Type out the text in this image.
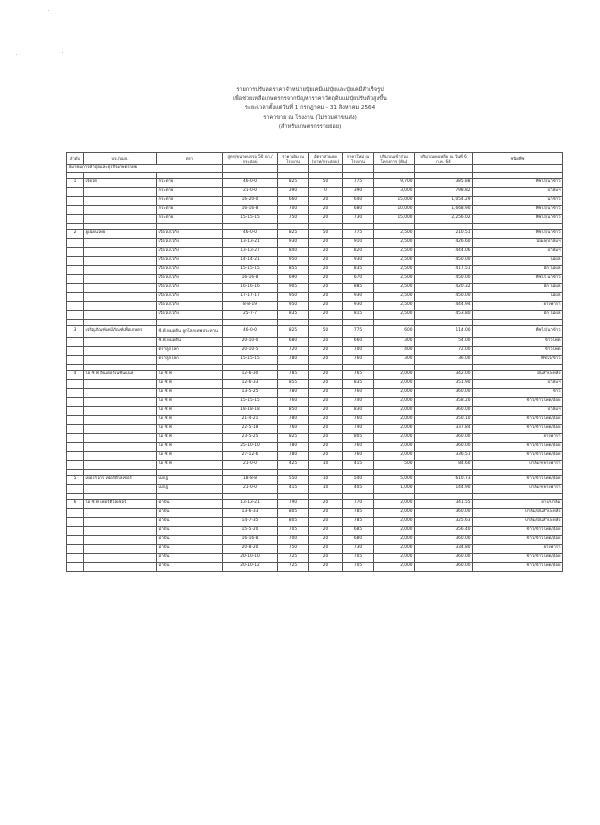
รายการปรับลดราคาจำหน่ายปุ๋ยเคมีแม่ปุ๋ยและปุ๋ยเคมีสำเร็จรูป
เพื่อช่วยเหลือเกษตรกรจากปัญหาราคาวัตถุดิบแม่ปุ๋ยปรับตัวสูงขึ้น
ระยะเวลาตั้งแต่วันที่ 1 กรกฎาคม - 31 สิงหาคม 2564
ราคาขาย ณ โรงงาน (ไม่รวมค่าขนส่ง)
(สำหรับเกษตรกรรายย่อย)
ลำดับ	บจ./บมจ.	ตรา	สูตร/ขนาดบรรจุ 50 กก./กระสอบ	ราคาเดิม ณ โรงงาน	อัตราส่วนลด (บาท/กระสอบ)	ราคาใหม่ ณ โรงงาน	ปริมาณเข้าร่วม โครงการ (ตัน)	ปริมาณคงเหลือ ณ วันที่ 6 ก.ค. 64	ชนิดพืช
สมาคมการค้าปุ๋ยและธุรกิจเกษตรไทย									

1	เจียไต๋	กระต่าย	46-0-0	825	50	775	9,700	385.88	พืชไร่/นาข้าว
		กระต่าย	21-0-0	390	0	390	3,000	798.82	ปาล์มฯ
		กระต่าย	16-20-0	660	20	640	15,000	1,054.29	นาข้าว
		กระต่าย	16-16-8	700	20	680	10,000	1,668.90	พืชไร่/นาข้าว
		กระต่าย	15-15-15	750	20	730	15,000	2,256.02	พืชไร่/นาข้าว

2	ยูเนียนไทย	เรือใบไวกิ้ง	46-0-0	825	50	775	2,500	210.51	พืชไร่/นาข้าว
		เรือใบไวกิ้ง	13-13-21	930	20	910	2,500	426.60	ไม้ผล/ปาล์มฯ
		เรือใบไวกิ้ง	13-13-27	840	20	820	2,500	444.06	ปาล์มฯ
		เรือใบไวกิ้ง	14-14-21	950	20	930	2,500	450.00	ไม้ผล
		เรือใบไวกิ้ง	15-15-15	855	20	835	2,500	417.51	ผัก ไม้ผล
		เรือใบไวกิ้ง	16-16-8	690	20	670	2,500	450.00	พืชไร่ นาข้าว
		เรือใบไวกิ้ง	16-16-16	905	20	885	2,500	420.32	ผัก ไม้ผล
		เรือใบไวกิ้ง	17-17-17	950	20	930	2,500	450.00	ไม้ผล
		เรือใบไวกิ้ง	8-8-19	950	20	930	2,500	444.94	ยางพารา
		เรือใบไวกิ้ง	25-7-7	835	20	815	2,500	453.80	ผัก ไม้ผล

3	เจริญภัณฑ์เคมีภัณฑ์เพื่อเกษตร	ซี.พี.หมอดิน ลูกโลกเทพประทาน	46-0-0	825	50	775	600	114.00	พืชไร่/นาข้าว
		ซี.พี.หมอดิน	20-10-0	680	20	660	300	54.00	ข้าวโพด
		ตราลูกโลก	20-10-5	720	20	700	400	72.00	ข้าวโพด
		ตราลูกโลก	15-15-15	780	20	760	300	36.00	พืชไร่/ข้าว

4	ไอ ซี พี อินเตอร์เนชั่นแนล	ไอ ซี พี	12-6-30	785	20	765	2,000	342.00	มันสำปะหลัง
		ไอ ซี พี	12-6-33	855	20	835	2,000	351.90	ปาล์มฯ
		ไอ ซี พี	13-5-25	780	20	760	2,000	360.00	ข้าว
		ไอ ซี พี	15-15-15	760	20	740	2,000	358.20	ข้าว/ข้าวโพด/อ้อย
		ไอ ซี พี	18-18-18	850	20	830	2,000	360.00	ปาล์มฯ
		ไอ ซี พี	21-4-21	780	20	760	2,000	350.10	ข้าว/ข้าวโพด/อ้อย
		ไอ ซี พี	22-5-18	760	20	740	2,000	337.84	ข้าว/ข้าวโพด/อ้อย
		ไอ ซี พี	23-5-25	825	20	805	2,000	360.00	ยางพารา
		ไอ ซี พี	25-10-10	780	20	760	2,000	360.00	ข้าว/ข้าวโพด/อ้อย
		ไอ ซี พี	27-12-6	780	20	760	2,000	336.51	ข้าว/ข้าวโพด/อ้อย
		ไอ ซี พี	21-0-0	425	10	415	500	84.60	ปาล์มฯ/ยางพารา

5	เทอรร์โกร เฟอร์ติไลเซอร์	เมกฎ	18-8-8	550	10	540	5,000	610.73	ข้าว/ข้าวโพด/อ้อย
		เมกฎ	21-0-0	415	10	405	1,000	144.90	ปาล์มฯ/ยางพารา

6	ไอ ซี พี เฟอร์ติไลเซอร์	ม้าบิน	13-13-21	790	20	770	2,000	341.55	ยาง/ปาล์ม
		ม้าบิน	13-6-33	805	20	785	2,000	360.00	ปาล์ม/มันสำปะหลัง
		ม้าบิน	14-7-35	805	20	785	2,000	325.63	ปาล์ม/มันสำปะหลัง
		ม้าบิน	15-5-20	705	20	685	2,000	356.40	ข้าว/ข้าวโพด/อ้อย
		ม้าบิน	16-16-8	700	20	680	2,000	360.00	ข้าว/ข้าวโพด/อ้อย
		ม้าบิน	20-8-20	750	20	730	2,000	334.80	ยางพารา
		ม้าบิน	20-10-10	725	20	705	2,000	360.00	ข้าว/ข้าวโพด/อ้อย
		ม้าบิน	20-10-12	725	20	705	2,000	360.00	ข้าว/ข้าวโพด/อ้อย
